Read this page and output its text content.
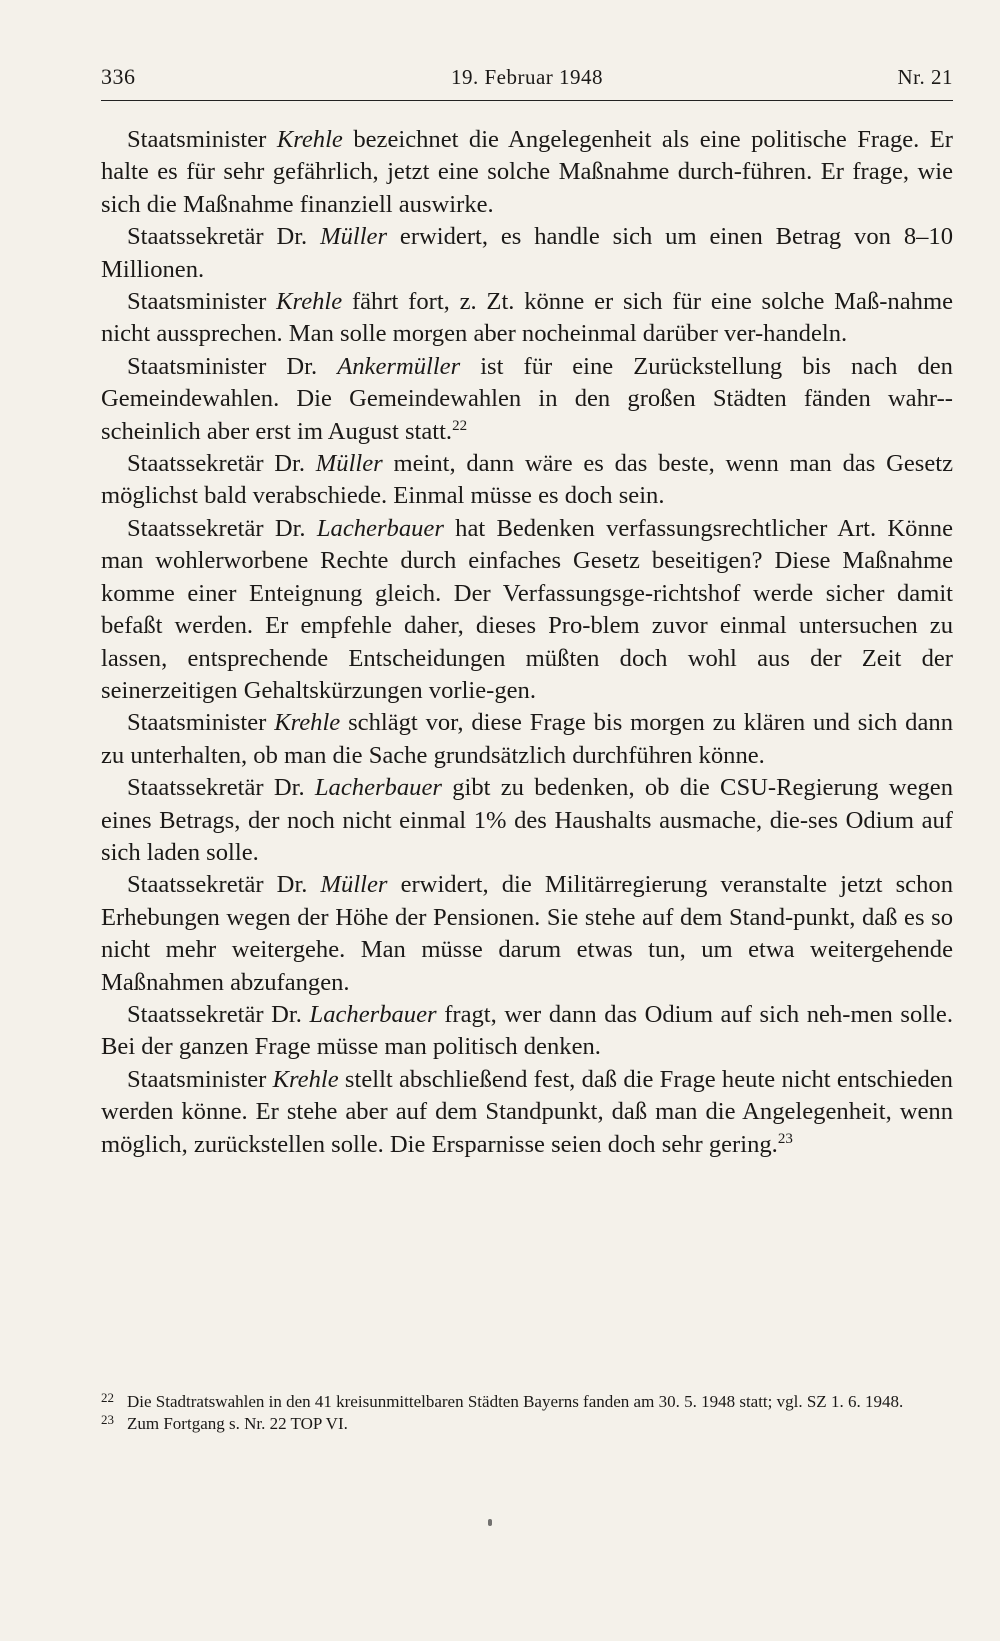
336	19. Februar 1948	Nr. 21

Staatsminister Krehle bezeichnet die Angelegenheit als eine politische Frage. Er halte es für sehr gefährlich, jetzt eine solche Maßnahme durch-führen. Er frage, wie sich die Maßnahme finanziell auswirke.

Staatssekretär Dr. Müller erwidert, es handle sich um einen Betrag von 8–10 Millionen.

Staatsminister Krehle fährt fort, z. Zt. könne er sich für eine solche Maß-nahme nicht aussprechen. Man solle morgen aber nocheinmal darüber ver-handeln.

Staatsminister Dr. Ankermüller ist für eine Zurückstellung bis nach den Gemeindewahlen. Die Gemeindewahlen in den großen Städten fänden wahr-scheinlich aber erst im August statt.$^{22}$

Staatssekretär Dr. Müller meint, dann wäre es das beste, wenn man das Gesetz möglichst bald verabschiede. Einmal müsse es doch sein.

Staatssekretär Dr. Lacherbauer hat Bedenken verfassungsrechtlicher Art. Könne man wohlerworbene Rechte durch einfaches Gesetz beseitigen? Diese Maßnahme komme einer Enteignung gleich. Der Verfassungsge-richtshof werde sicher damit befaßt werden. Er empfehle daher, dieses Pro-blem zuvor einmal untersuchen zu lassen, entsprechende Entscheidungen müßten doch wohl aus der Zeit der seinerzeitigen Gehaltskürzungen vorlie-gen.

Staatsminister Krehle schlägt vor, diese Frage bis morgen zu klären und sich dann zu unterhalten, ob man die Sache grundsätzlich durchführen könne.

Staatssekretär Dr. Lacherbauer gibt zu bedenken, ob die CSU-Regierung wegen eines Betrags, der noch nicht einmal 1% des Haushalts ausmache, die-ses Odium auf sich laden solle.

Staatssekretär Dr. Müller erwidert, die Militärregierung veranstalte jetzt schon Erhebungen wegen der Höhe der Pensionen. Sie stehe auf dem Stand-punkt, daß es so nicht mehr weitergehe. Man müsse darum etwas tun, um etwa weitergehende Maßnahmen abzufangen.

Staatssekretär Dr. Lacherbauer fragt, wer dann das Odium auf sich neh-men solle. Bei der ganzen Frage müsse man politisch denken.

Staatsminister Krehle stellt abschließend fest, daß die Frage heute nicht entschieden werden könne. Er stehe aber auf dem Standpunkt, daß man die Angelegenheit, wenn möglich, zurückstellen solle. Die Ersparnisse seien doch sehr gering.$^{23}$

22 Die Stadtratswahlen in den 41 kreisunmittelbaren Städten Bayerns fanden am 30. 5. 1948 statt; vgl. SZ 1. 6. 1948.
23 Zum Fortgang s. Nr. 22 TOP VI.
